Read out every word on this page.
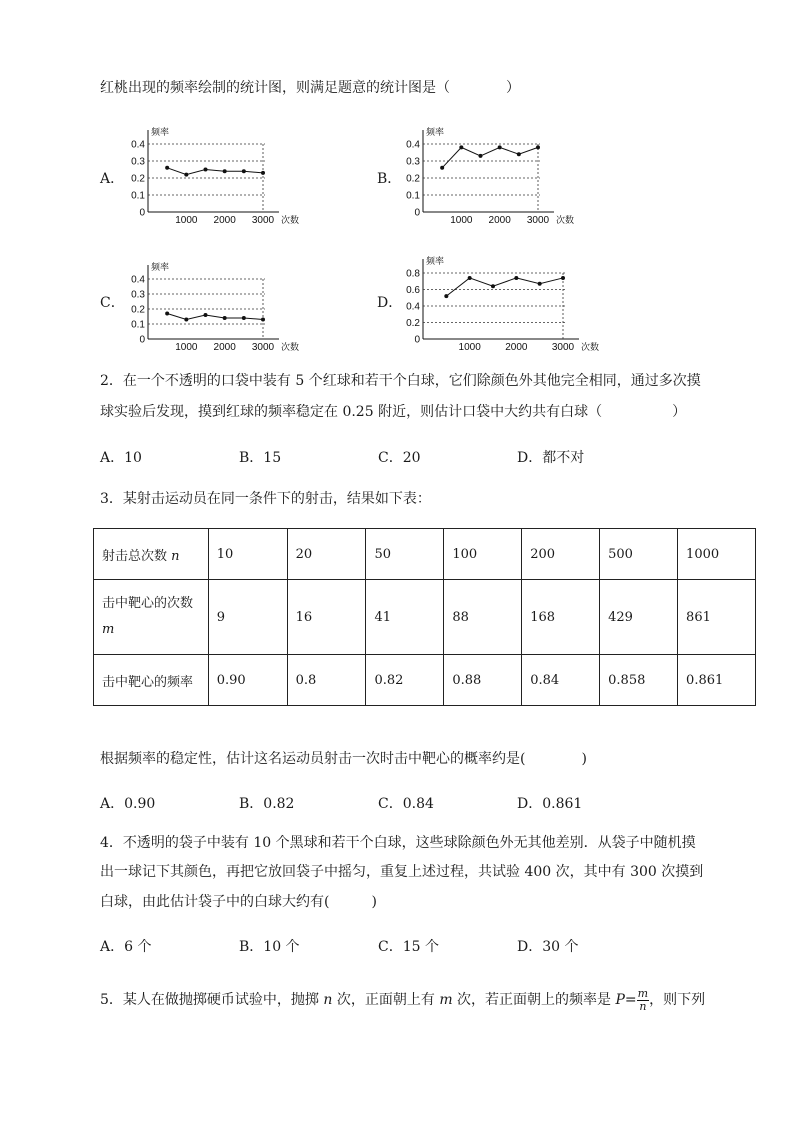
红桃出现的频率绘制的统计图，则满足题意的统计图是（　　　　）
A．
频率
0.4
0.3
0.2
0.1
0
1000 2000 3000 次数
B．
频率
0.4
0.3
0.2
0.1
0
1000 2000 3000 次数
C．
频率
0.4
0.3
0.2
0.1
0
1000 2000 3000 次数
D．
频率
0.8
0.6
0.4
0.2
0
1000 2000 3000 次数
2．在一个不透明的口袋中装有 5 个红球和若干个白球，它们除颜色外其他完全相同，通过多次摸
球实验后发现，摸到红球的频率稳定在 0.25 附近，则估计口袋中大约共有白球（　　　　　）
A．10	B．15	C．20	D．都不对
3．某射击运动员在同一条件下的射击，结果如下表：
射击总次数 n	10	20	50	100	200	500	1000
击中靶心的次数
m	9	16	41	88	168	429	861
击中靶心的频率	0.90	0.8	0.82	0.88	0.84	0.858	0.861
根据频率的稳定性，估计这名运动员射击一次时击中靶心的概率约是(　　　　)
A．0.90	B．0.82	C．0.84	D．0.861
4．不透明的袋子中装有 10 个黑球和若干个白球，这些球除颜色外无其他差别．从袋子中随机摸
出一球记下其颜色，再把它放回袋子中摇匀，重复上述过程，共试验 400 次，其中有 300 次摸到
白球，由此估计袋子中的白球大约有(　　　)
A．6 个	B．10 个	C．15 个	D．30 个
5．某人在做抛掷硬币试验中，抛掷 n 次，正面朝上有 m 次，若正面朝上的频率是 $P= \frac{m}{n}$ ，则下列
